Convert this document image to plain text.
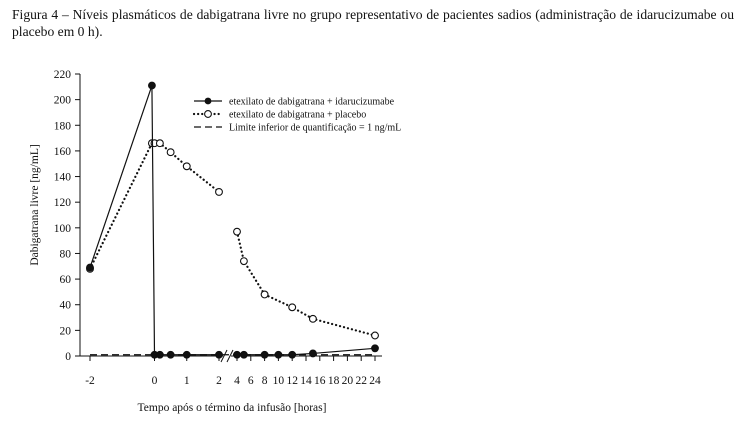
Figura 4 – Níveis plasmáticos de dabigatrana livre no grupo representativo de pacientes sadios (administração de idarucizumabe ou placebo em 0 h).
0
20
40
60
80
100
120
140
160
180
200
220
-2	0 1 2 4 6 8 10 12 14 16 18 20 22 24
Tempo após o término da infusão [horas]
Dabigatrana livre [ng/mL]
etexilato de dabigatrana + idarucizumabe
etexilato de dabigatrana + placebo
Limite inferior de quantificação = 1 ng/mL
